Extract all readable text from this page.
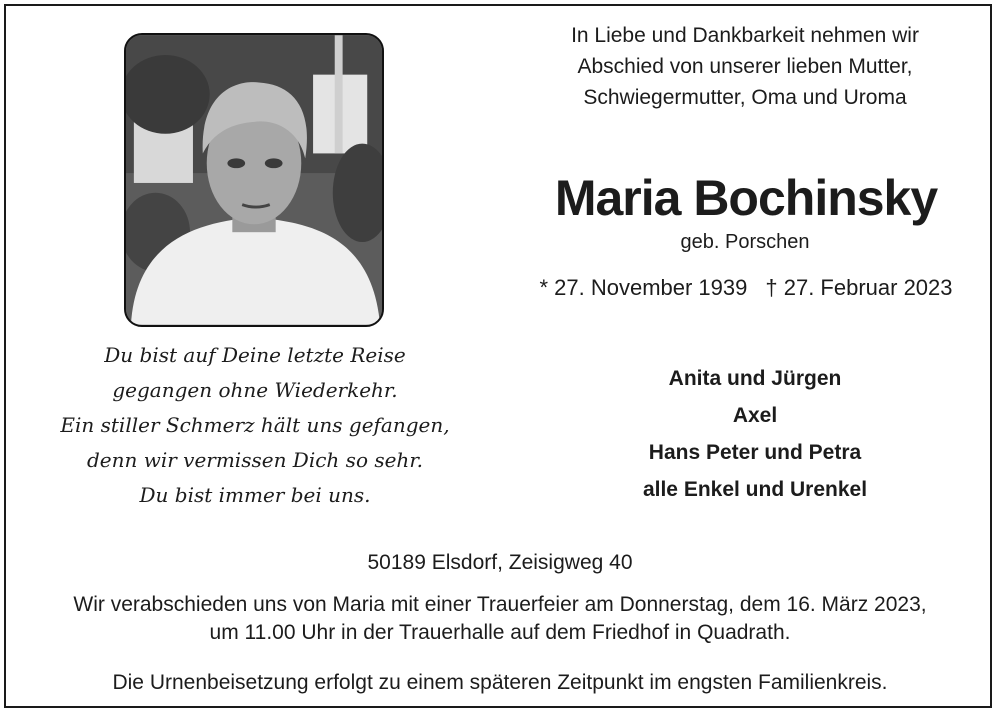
In Liebe und Dankbarkeit nehmen wir
Abschied von unserer lieben Mutter,
Schwiegermutter, Oma und Uroma
Maria Bochinsky
geb. Porschen
* 27. November 1939 † 27. Februar 2023
Du bist auf Deine letzte Reise
gegangen ohne Wiederkehr.
Ein stiller Schmerz hält uns gefangen,
denn wir vermissen Dich so sehr.
Du bist immer bei uns.
Anita und Jürgen
Axel
Hans Peter und Petra
alle Enkel und Urenkel
50189 Elsdorf, Zeisigweg 40
Wir verabschieden uns von Maria mit einer Trauerfeier am Donnerstag, dem 16. März 2023,
um 11.00 Uhr in der Trauerhalle auf dem Friedhof in Quadrath.
Die Urnenbeisetzung erfolgt zu einem späteren Zeitpunkt im engsten Familienkreis.
